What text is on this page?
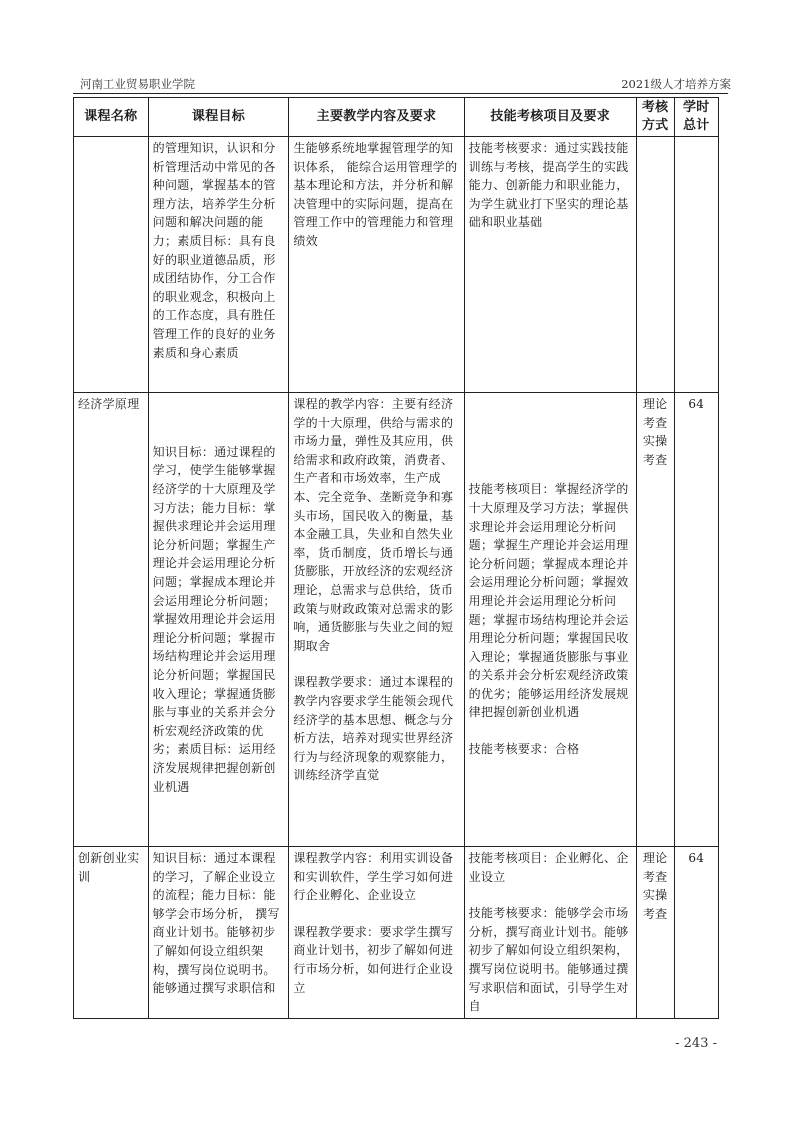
河南工业贸易职业学院	2021级人才培养方案
课程名称	课程目标	主要教学内容及要求	技能考核项目及要求	考核
方式	学时
总计

	的管理知识，认识和分析管理活动中常见的各种问题，掌握基本的管理方法，培养学生分析问题和解决问题的能力；素质目标：具有良好的职业道德品质，形成团结协作，分工合作的职业观念，积极向上的工作态度，具有胜任管理工作的良好的业务素质和身心素质	生能够系统地掌握管理学的知识体系， 能综合运用管理学的基本理论和方法，并分析和解决管理中的实际问题，提高在管理工作中的管理能力和管理绩效	技能考核要求：通过实践技能训练与考核，提高学生的实践能力、创新能力和职业能力，为学生就业打下坚实的理论基础和职业基础		

经济学原理	知识目标：通过课程的学习，使学生能够掌握经济学的十大原理及学习方法；能力目标：掌握供求理论并会运用理论分析问题；掌握生产理论并会运用理论分析问题；掌握成本理论并会运用理论分析问题；掌握效用理论并会运用理论分析问题；掌握市场结构理论并会运用理论分析问题；掌握国民收入理论；掌握通货膨胀与事业的关系并会分析宏观经济政策的优劣；素质目标：运用经济发展规律把握创新创业机遇	课程的教学内容：主要有经济学的十大原理，供给与需求的市场力量，弹性及其应用，供给需求和政府政策，消费者、生产者和市场效率，生产成本、完全竞争、垄断竞争和寡头市场，国民收入的衡量，基本金融工具，失业和自然失业率，货币制度，货币增长与通货膨胀，开放经济的宏观经济理论，总需求与总供给，货币政策与财政政策对总需求的影响，通货膨胀与失业之间的短期取舍
课程教学要求：通过本课程的教学内容要求学生能领会现代经济学的基本思想、概念与分析方法，培养对现实世界经济行为与经济现象的观察能力，训练经济学直觉	技能考核项目：掌握经济学的十大原理及学习方法；掌握供求理论并会运用理论分析问题；掌握生产理论并会运用理论分析问题；掌握成本理论并会运用理论分析问题；掌握效用理论并会运用理论分析问题；掌握市场结构理论并会运用理论分析问题；掌握国民收入理论；掌握通货膨胀与事业的关系并会分析宏观经济政策的优劣；能够运用经济发展规律把握创新创业机遇
技能考核要求：合格	理论考查实操考查	64
创新创业实训	知识目标：通过本课程的学习，了解企业设立的流程；能力目标：能够学会市场分析， 撰写商业计划书。能够初步了解如何设立组织架构，撰写岗位说明书。能够通过撰写求职信和	课程教学内容：利用实训设备和实训软件，学生学习如何进行企业孵化、企业设立
课程教学要求：要求学生撰写商业计划书，初步了解如何进行市场分析，如何进行企业设立	技能考核项目：企业孵化、企业设立
技能考核要求：能够学会市场分析，撰写商业计划书。能够初步了解如何设立组织架构，撰写岗位说明书。能够通过撰写求职信和面试，引导学生对自	理论考查实操考查	64
- 243 -
